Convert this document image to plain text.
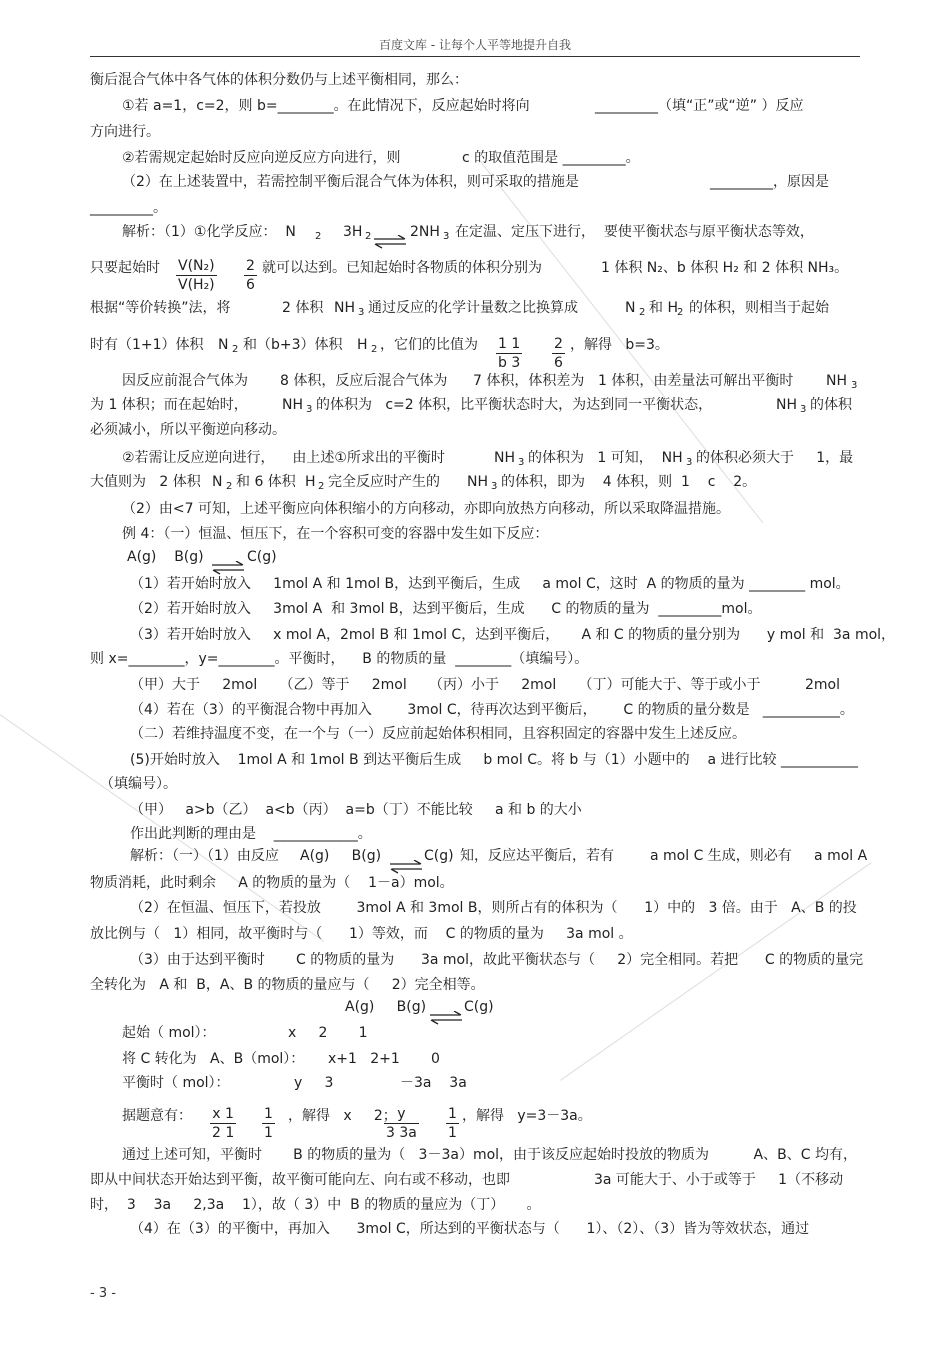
百度文库 - 让每个人平等地提升自我
衡后混合气体中各气体的体积分数仍与上述平衡相同，那么：
①若 a=1，c=2，则 b=________。在此情况下，反应起始时将向	_________（填“正”或“逆” ）反应
方向进行。
②若需规定起始时反应向逆反应方向进行，则	c 的取值范围是 _________。
（2）在上述装置中，若需控制平衡后混合气体为体积，则可采取的措施是	_________，原因是
_________。
解析：（1）①化学反应：  N 2 3H 2	2NH 3 在定温、定压下进行，  要使平衡状态与原平衡状态等效，
只要起始时	就可以达到。已知起始时各物质的体积分别为	1 体积 N₂、b 体积 H₂ 和 2 体积 NH₃。
根据“等价转换”法，将	2 体积 NH 3 通过反应的化学计量数之比换算成	N 2 和 H 2 的体积，则相当于起始
时有（1+1）体积 N 2 和（b+3）体积 H 2 ，它们的比值为	，解得   b=3。
因反应前混合气体为 8 体积，反应后混合气体为 7 体积，体积差为 1 体积，由差量法可解出平衡时 NH 3
为 1 体积；而在起始时， NH 3 的体积为   c=2 体积，比平衡状态时大，为达到同一平衡状态，	NH 3 的体积
必须减小，所以平衡逆向移动。
②若需让反应逆向进行，    由上述①所求出的平衡时	NH 3 的体积为   1 可知，  NH 3 的体积必须大于     1，最
大值则为   2 体积 N 2 和 6 体积 H 2 完全反应时产生的 NH 3 的体积，即为    4 体积，则  1    c    2。
（2）由<7 可知，上述平衡应向体积缩小的方向移动，亦即向放热方向移动，所以采取降温措施。
例 4：（一）恒温、恒压下，在一个容积可变的容器中发生如下反应：
A(g)    B(g)	C(g)
（1）若开始时放入     1mol A 和 1mol B，达到平衡后，生成     a mol C，这时  A 的物质的量为 ________ mol。
（2）若开始时放入     3mol A  和 3mol B，达到平衡后，生成      C 的物质的量为  _________mol。
（3）若开始时放入     x mol A，2mol B 和 1mol C，达到平衡后，     A 和 C 的物质的量分别为      y mol 和  3a mol，
则 x=________，y=________。平衡时，    B 的物质的量  ________（填编号）。
（甲）大于     2mol     （乙）等于     2mol     （丙）小于     2mol     （丁）可能大于、等于或小于          2mol
（4）若在（3）的平衡混合物中再加入        3mol C，待再次达到平衡后，      C 的物质的量分数是   ___________。
（二）若维持温度不变，在一个与（一）反应前起始体积相同，且容积固定的容器中发生上述反应。
(5)开始时放入    1mol A 和 1mol B 到达平衡后生成     b mol C。将 b 与（1）小题中的    a 进行比较 ___________
（填编号）。
（甲）   a>b（乙）  a<b（丙）  a=b（丁）不能比较     a 和 b 的大小
作出此判断的理由是    ____________。
解析：（一）（1）由反应 A(g)     B(g)	C(g) 知，反应达平衡后，若有	a mol C 生成，则必有     a mol A
物质消耗，此时剩余     A 的物质的量为（    1－a）mol。
（2）在恒温、恒压下，若投放        3mol A 和 3mol B，则所占有的体积为（      1）中的   3 倍。由于   A、B 的投
放比例与（   1）相同，故平衡时与（      1）等效，而    C 的物质的量为     3a mol 。
（3）由于达到平衡时       C 的物质的量为      3a mol，故此平衡状态与（     2）完全相同。若把      C 的物质的量完
全转化为   A 和  B，A、B 的物质的量应与（     2）完全相等。
A(g)     B(g)	C(g)
起始（ mol）：	x     2       1
将 C 转化为   A、B（mol）： x+1   2+1       0
平衡时（ mol）：	y     3	－3a    3a
据题意有：	，解得   x     2；	，解得   y=3－3a。
通过上述可知，平衡时       B 的物质的量为（   3－3a）mol，由于该反应起始时投放的物质为          A、B、C 均有，
即从中间状态开始达到平衡，故平衡可能向左、向右或不移动，也即	3a 可能大于、小于或等于     1（不移动
时，  3    3a     2,3a    1），故（ 3）中  B 的物质的量应为（丁）     。
（4）在（3）的平衡中，再加入      3mol C，所达到的平衡状态与（      1）、（2）、（3）皆为等效状态，通过
$\frac{\text{V(N₂)}}{\text{V(H₂)}} \frac{2}{6}$
$\frac{1 1}{b 3} \frac{2}{6}$
$\frac{x 1}{2 1} \frac{1}{1}$	$\frac{y}{3 3a} \frac{1}{1}$
- 3 -
